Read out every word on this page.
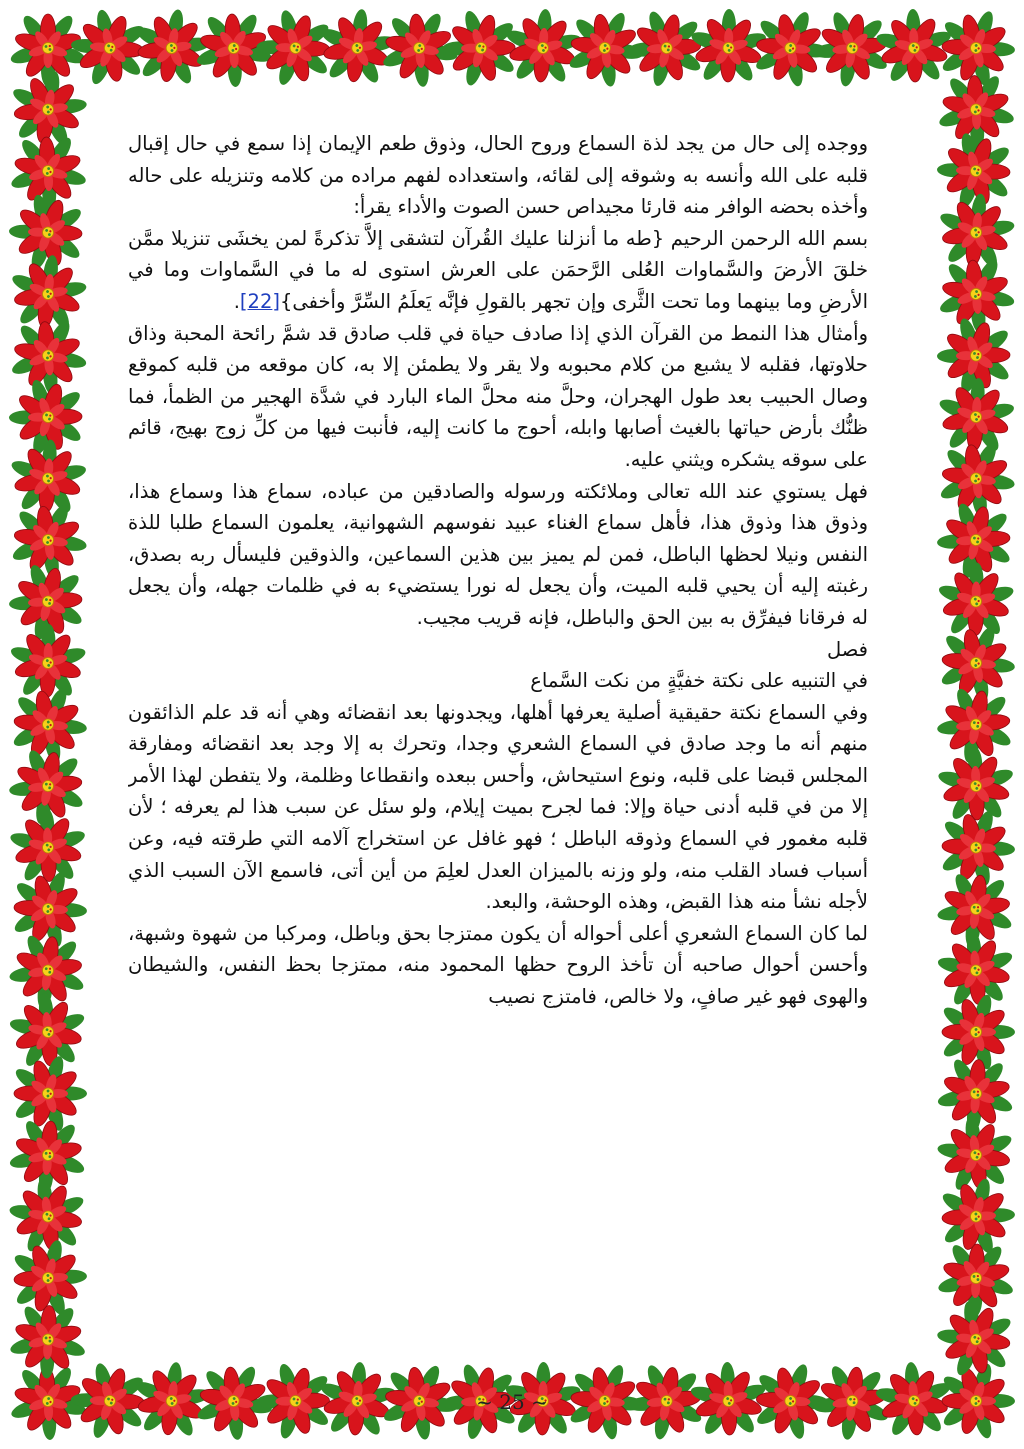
ووجده إلى حال من يجد لذة السماع وروح الحال، وذوق طعم الإيمان إذا سمع في حال إقبال قلبه على الله وأنسه به وشوقه إلى لقائه، واستعداده لفهم مراده من كلامه وتنزيله على حاله وأخذه بحضه الوافر منه قارئا مجيداص حسن الصوت والأداء يقرأ:

بسم الله الرحمن الرحيم {طه ما أنزلنا عليك القُرآن لتشقى إلاَّ تذكرةً لمن يخشَى تنزيلا ممَّن خلقَ الأرضَ والسَّماوات العُلى الرَّحمَن على العرش استوى له ما في السَّماوات وما في الأرضِ وما بينهما وما تحت الثَّرى وإن تجهر بالقولِ فإنَّه يَعلَمُ السِّرَّ وأخفى}[22].

وأمثال هذا النمط من القرآن الذي إذا صادف حياة في قلب صادق قد شمَّ رائحة المحبة وذاق حلاوتها، فقلبه لا يشبع من كلام محبوبه ولا يقر ولا يطمئن إلا به، كان موقعه من قلبه كموقع وصال الحبيب بعد طول الهجران، وحلَّ منه محلَّ الماء البارد في شدَّة الهجير من الظمأ، فما ظنُّك بأرض حياتها بالغيث أصابها وابله، أحوج ما كانت إليه، فأنبت فيها من كلِّ زوج بهيج، قائم على سوقه يشكره ويثني عليه.

فهل يستوي عند الله تعالى وملائكته ورسوله والصادقين من عباده، سماع هذا وسماع هذا، وذوق هذا وذوق هذا، فأهل سماع الغناء عبيد نفوسهم الشهوانية، يعلمون السماع طلبا للذة النفس ونيلا لحظها الباطل، فمن لم يميز بين هذين السماعين، والذوقين فليسأل ربه بصدق، رغبته إليه أن يحيي قلبه الميت، وأن يجعل له نورا يستضيء به في ظلمات جهله، وأن يجعل له فرقانا فيفرِّق به بين الحق والباطل، فإنه قريب مجيب.

فصل

في التنبيه على نكتة خفيَّةٍ من نكت السَّماع

وفي السماع نكتة حقيقية أصلية يعرفها أهلها، ويجدونها بعد انقضائه وهي أنه قد علم الذائقون منهم أنه ما وجد صادق في السماع الشعري وجدا، وتحرك به إلا وجد بعد انقضائه ومفارقة المجلس قبضا على قلبه، ونوع استيحاش، وأحس ببعده وانقطاعا وظلمة، ولا يتفطن لهذا الأمر إلا من في قلبه أدنى حياة وإلا: فما لجرح بميت إيلام، ولو سئل عن سبب هذا لم يعرفه ؛ لأن قلبه مغمور في السماع وذوقه الباطل ؛ فهو غافل عن استخراج آلامه التي طرقته فيه، وعن أسباب فساد القلب منه، ولو وزنه بالميزان العدل لعلِمَ من أين أتى، فاسمع الآن السبب الذي لأجله نشأ منه هذا القبض، وهذه الوحشة، والبعد.

لما كان السماع الشعري أعلى أحواله أن يكون ممتزجا بحق وباطل، ومركبا من شهوة وشبهة، وأحسن أحوال صاحبه أن تأخذ الروح حظها المحمود منه، ممتزجا بحظ النفس، والشيطان والهوى فهو غير صافٍ، ولا خالص، فامتزج نصيب

~ 25 ~
